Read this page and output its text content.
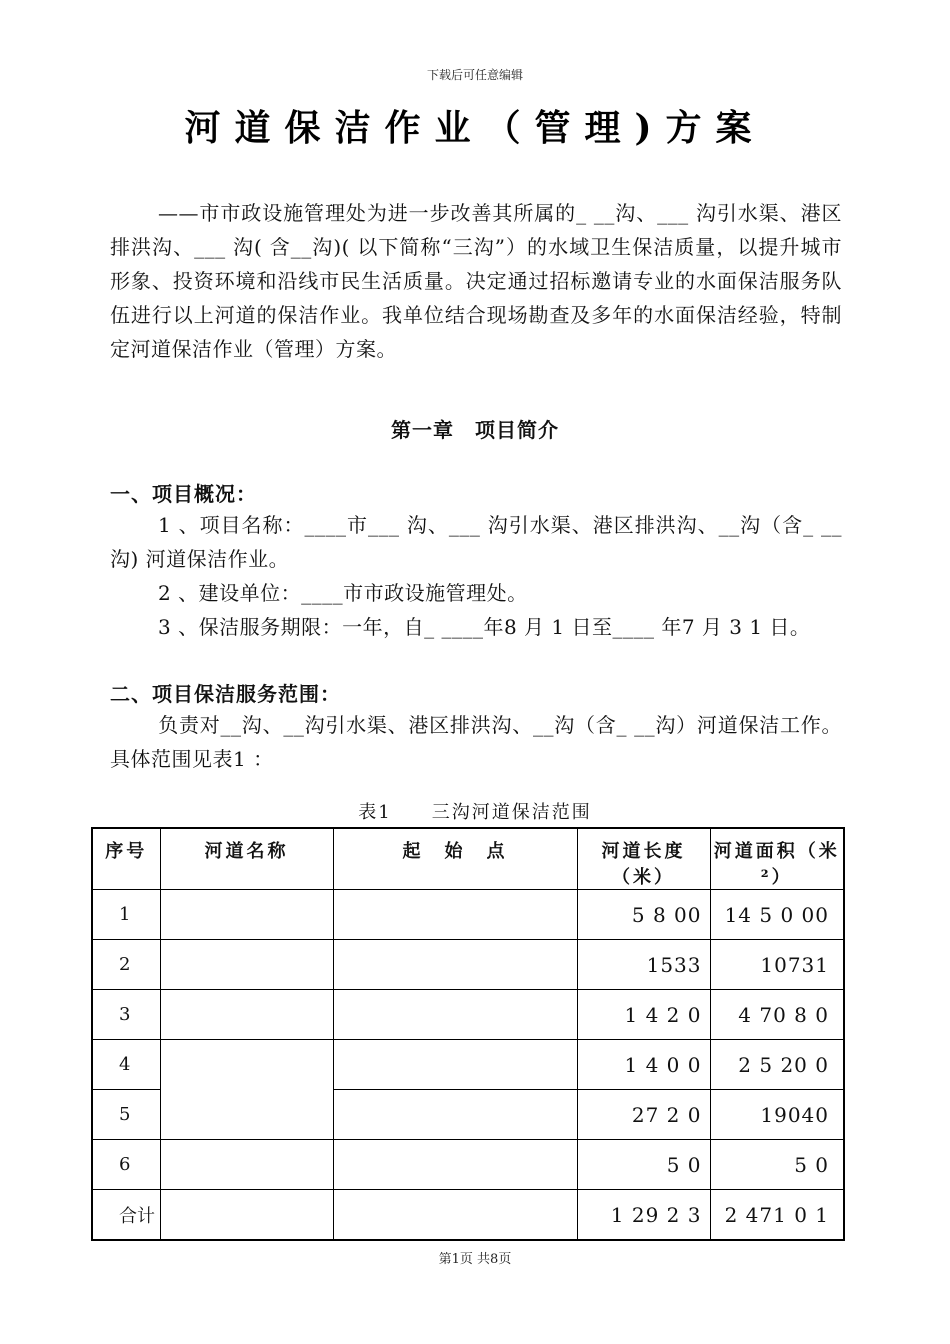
下载后可任意编辑
河道保洁作业（管理)方案
——市市政设施管理处为进一步改善其所属的_ __沟、___ 沟引水渠、港区排洪沟、___ 沟( 含__沟)( 以下简称“三沟”）的水域卫生保洁质量，以提升城市形象、投资环境和沿线市民生活质量。决定通过招标邀请专业的水面保洁服务队伍进行以上河道的保洁作业。我单位结合现场勘查及多年的水面保洁经验，特制定河道保洁作业（管理）方案。
第一章　项目简介
一、项目概况：
1 、项目名称：____市___ 沟、___ 沟引水渠、港区排洪沟、__沟（含_ __沟) 河道保洁作业。
2 、建设单位：____市市政设施管理处。
3 、保洁服务期限：一年，自_ ____年8 月 1 日至____ 年7 月 3 1 日。
二、项目保洁服务范围：
负责对__沟、__沟引水渠、港区排洪沟、__沟（含_ __沟）河道保洁工作。具体范围见表1 ：
表1 三沟河道保洁范围
序号	河道名称	起　始　点	河道长度（米）	河道面积（米²）
1			5 8 00	14 5 0 00
2			1533	10731
3			1 4 2 0	4 70 8 0
4			1 4 0 0	2 5 20 0
5			27 2 0	19040
6			5 0	5 0
合计			1 29 2 3	2 471 0 1
第1页 共8页
